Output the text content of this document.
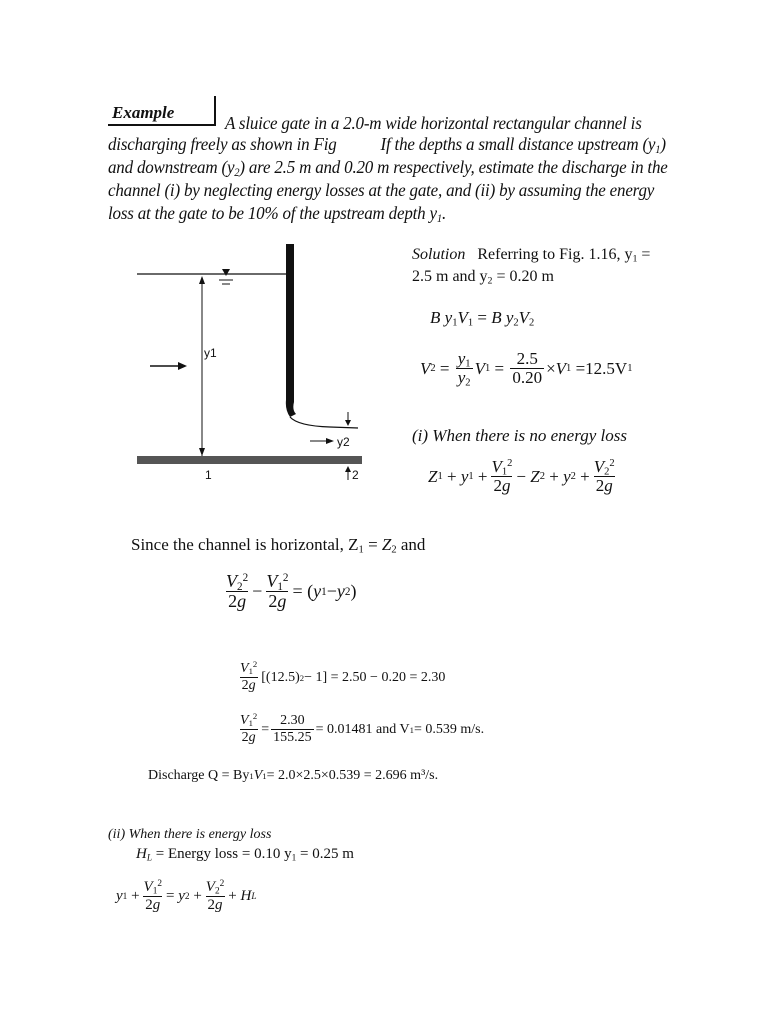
Example
A sluice gate in a 2.0-m wide horizontal rectangular channel is
discharging freely as shown in Fig	If the depths a small distance upstream $(y_1)$
and downstream $(y_2)$ are 2.5 m and 0.20 m respectively, estimate the discharge in the
channel (i) by neglecting energy losses at the gate, and (ii) by assuming the energy
loss at the gate to be 10% of the upstream depth $y_1$.
y1
y2
1	2
Solution Referring to Fig. 1.16, $y_1$ =
2.5 m and $y_2 = 0.20$ m
B $y_1V_1 = B$ $y_2V_2$
V $2 = \frac{y_1}{y_2}$ V $1 = \frac{2.5}{0.20} \times V$ 1
=12.5V 1
(i) When there is no energy loss
Z 1 + y $1 + \frac{V_1^2}{2g} - Z$ 2 + y $2 + \frac{V_2^2}{2g}$
Since the channel is horizontal, $Z_1 = Z_2$ and
$\frac{V_2^2}{2g} - \frac{V_1^2}{2g}$ = ( y 1 − y 2 )
$\frac{V_1^2}{2g} [(12.5) 2 - 1] = 2.50 - 0.20 = 2.30$
$\frac{V_1^2}{2g} = \frac{2.30}{155.25} = 0.01481$ and V 1 = 0.539 m/s.
Discharge Q = By 1 V 1 = 2.0×2.5×0.539 = 2.696 m³/s.
(ii) When there is energy loss
$H_L$ = Energy loss = 0.10 $y_1 = 0.25$ m
y $1 + \frac{V_1^2}{2g} = y$ $2 + \frac{V_2^2}{2g} + H$ L
